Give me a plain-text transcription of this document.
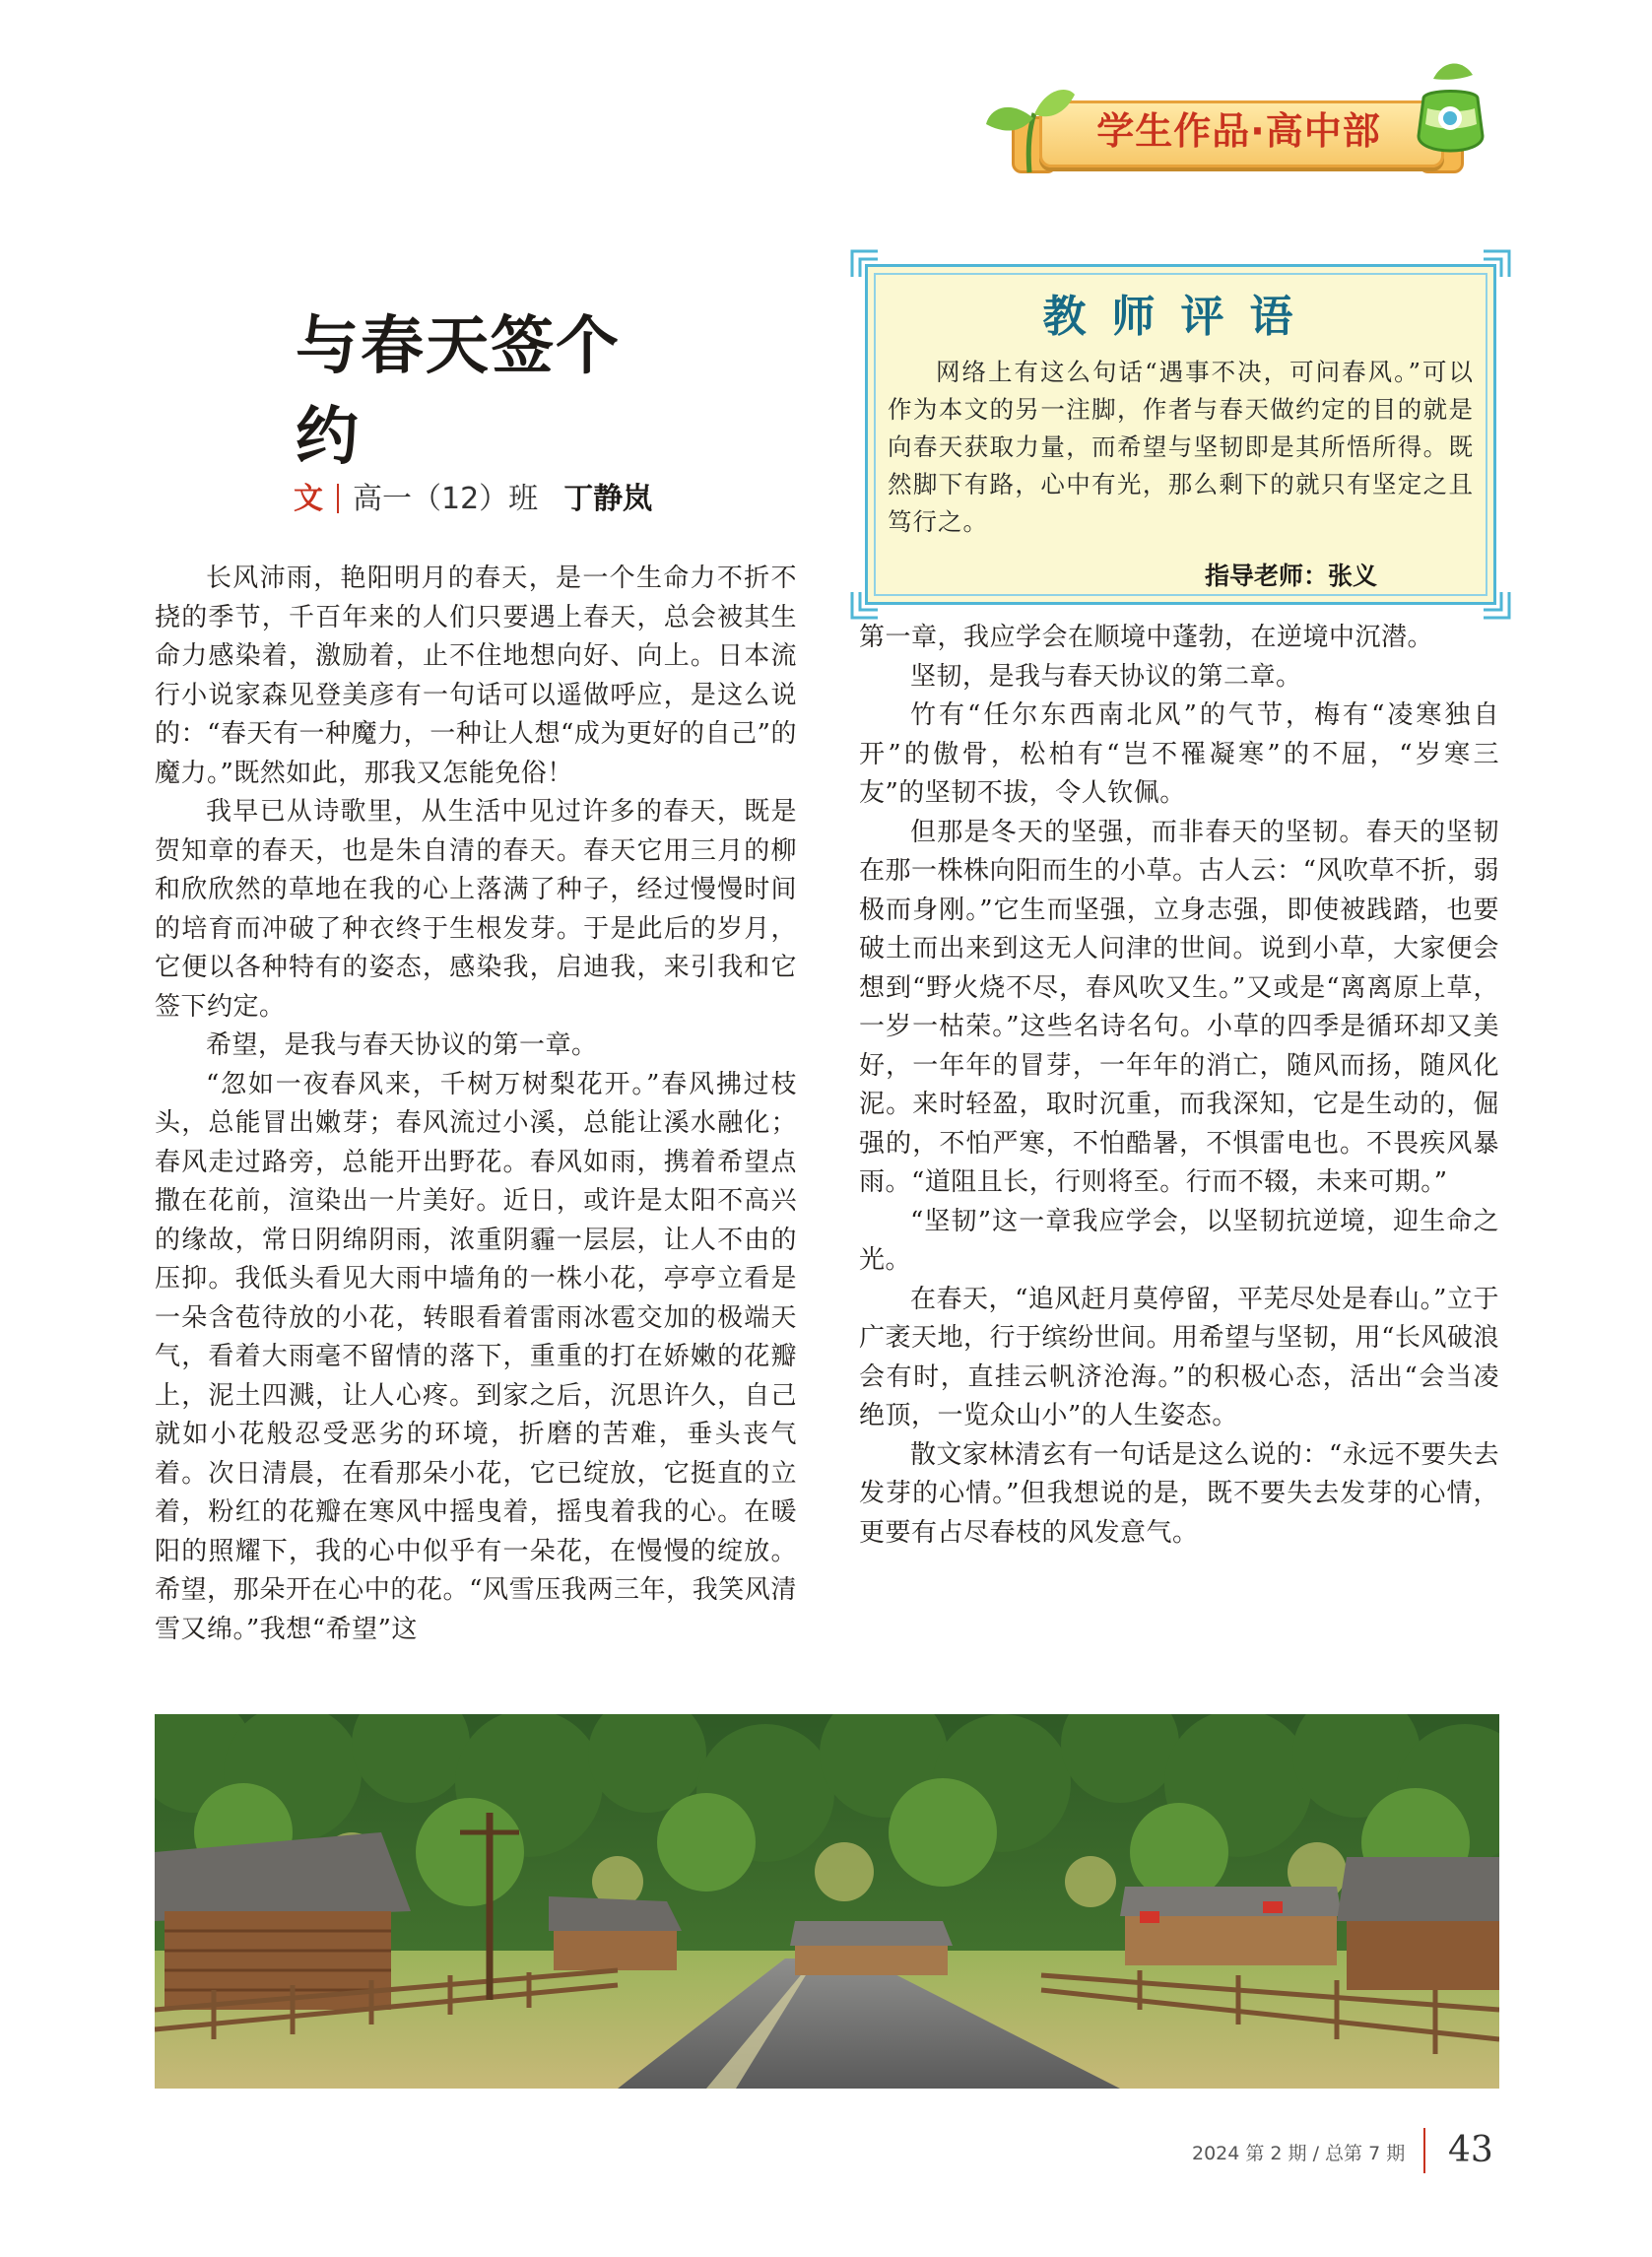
学生作品·高中部
与春天签个约
文 高一（12）班 丁静岚
教师评语

网络上有这么句话“遇事不决，可问春风。”可以作为本文的另一注脚，作者与春天做约定的目的就是向春天获取力量，而希望与坚韧即是其所悟所得。既然脚下有路，心中有光，那么剩下的就只有坚定之且笃行之。

指导老师：张义

长风沛雨，艳阳明月的春天，是一个生命力不折不挠的季节，千百年来的人们只要遇上春天，总会被其生命力感染着，激励着，止不住地想向好、向上。日本流行小说家森见登美彦有一句话可以遥做呼应，是这么说的：“春天有一种魔力，一种让人想“成为更好的自己”的魔力。”既然如此，那我又怎能免俗！

我早已从诗歌里，从生活中见过许多的春天，既是贺知章的春天，也是朱自清的春天。春天它用三月的柳和欣欣然的草地在我的心上落满了种子，经过慢慢时间的培育而冲破了种衣终于生根发芽。于是此后的岁月，它便以各种特有的姿态，感染我，启迪我，来引我和它签下约定。

希望，是我与春天协议的第一章。

“忽如一夜春风来，千树万树梨花开。”春风拂过枝头，总能冒出嫩芽；春风流过小溪，总能让溪水融化；春风走过路旁，总能开出野花。春风如雨，携着希望点撒在花前，渲染出一片美好。近日，或许是太阳不高兴的缘故，常日阴绵阴雨，浓重阴霾一层层，让人不由的压抑。我低头看见大雨中墙角的一株小花，亭亭立看是一朵含苞待放的小花，转眼看着雷雨冰雹交加的极端天气，看着大雨毫不留情的落下，重重的打在娇嫩的花瓣上，泥土四溅，让人心疼。到家之后，沉思许久，自己就如小花般忍受恶劣的环境，折磨的苦难，垂头丧气着。次日清晨，在看那朵小花，它已绽放，它挺直的立着，粉红的花瓣在寒风中摇曳着，摇曳着我的心。在暖阳的照耀下，我的心中似乎有一朵花，在慢慢的绽放。希望，那朵开在心中的花。“风雪压我两三年，我笑风清雪又绵。”我想“希望”这

第一章，我应学会在顺境中蓬勃，在逆境中沉潜。

坚韧，是我与春天协议的第二章。

竹有“任尔东西南北风”的气节，梅有“凌寒独自开”的傲骨，松柏有“岂不罹凝寒”的不屈，“岁寒三友”的坚韧不拔，令人钦佩。

但那是冬天的坚强，而非春天的坚韧。春天的坚韧在那一株株向阳而生的小草。古人云：“风吹草不折，弱极而身刚。”它生而坚强，立身志强，即使被践踏，也要破土而出来到这无人问津的世间。说到小草，大家便会想到“野火烧不尽，春风吹又生。”又或是“离离原上草，一岁一枯荣。”这些名诗名句。小草的四季是循环却又美好，一年年的冒芽，一年年的消亡，随风而扬，随风化泥。来时轻盈，取时沉重，而我深知，它是生动的，倔强的，不怕严寒，不怕酷暑，不惧雷电也。不畏疾风暴雨。“道阻且长，行则将至。行而不辍，未来可期。”

“坚韧”这一章我应学会，以坚韧抗逆境，迎生命之光。

在春天，“追风赶月莫停留，平芜尽处是春山。”立于广袤天地，行于缤纷世间。用希望与坚韧，用“长风破浪会有时，直挂云帆济沧海。”的积极心态，活出“会当凌绝顶，一览众山小”的人生姿态。

散文家林清玄有一句话是这么说的：“永远不要失去发芽的心情。”但我想说的是，既不要失去发芽的心情，更要有占尽春枝的风发意气。

2024 第 2 期 / 总第 7 期 43
